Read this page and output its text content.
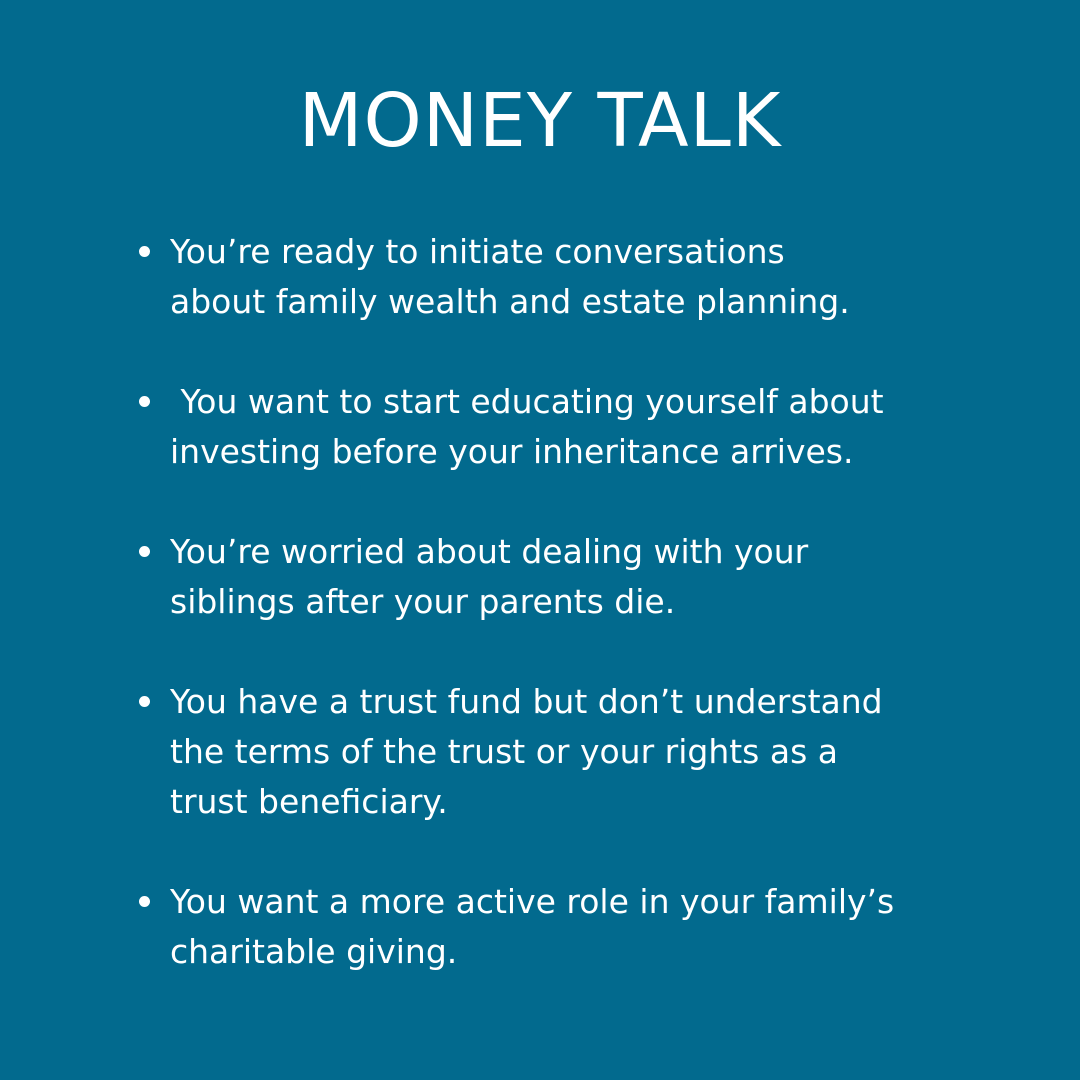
MONEY TALK
You’re ready to initiate conversations
about family wealth and estate planning.
You want to start educating yourself about
investing before your inheritance arrives.
You’re worried about dealing with your
siblings after your parents die.
You have a trust fund but don’t understand
the terms of the trust or your rights as a
trust beneficiary.
You want a more active role in your family’s
charitable giving.
